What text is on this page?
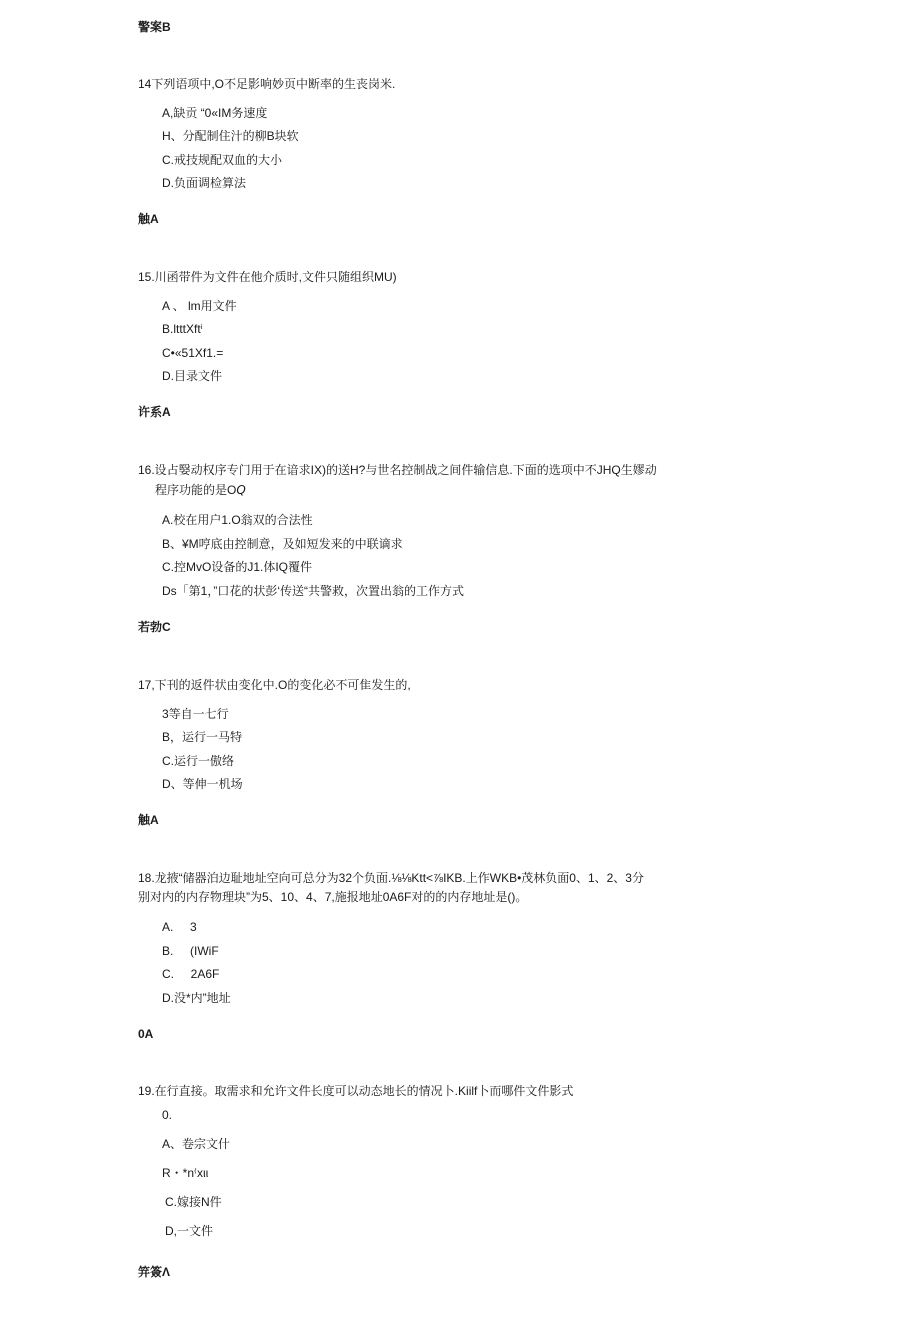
警案B
14下列语项中,O不足影响妙页中断率的生丧岗米.
A,缺贡 “0«IM务速度
H、分配制住汁的柳B块软
C.戒技规配双血的大小
D.负面调检算法
触A
15.川函带件为文件在他介质时,文件只随组织MU)
A 、 lm用文件
B.ltttXftⁱ
C•«51Xf1.=
D.目录文件
许系A
16.设占嫛动权序专门用于在谙求IX)的送H?与世名控制战之间件输信息.下面的选项中不JHQ生嫪动
程序功能的是O𝘘
A.校在用户1.O翁双的合法性
B、¥M哼底由控制意，及如短发来的中联谪求
C.控MvO设备的J1.体IQ覆件
Ds「第1，”口花的状彭‘传送“共警救，次置出翁的工作方式
若勃C
17,下刊的返件状由变化中.O的变化必不可隹发生的,
3等自一七行
B，运行一马特
C.运行一傲络
D、等伸一机场
触A
18.龙掖“储器泊边耻地址空向可总分为32个负面.⅛⅛Ktt<⅞IKB.上作WKB•茂林负面0、1、2、3分
别对内的内存物理块”为5、10、4、7,施报地址0A6F对的的内存地址是()。
A.     3
B.     (IWiF
C.     2A6F
D.没*内”地址
0A
19.在行直接。取需求和允许文件长度可以动态地长的情况卜.Kiilf卜而哪件文件影式
0.
A、卷宗文什
R・*n⁽xιι
C.嫁接N件
D,一文件
笄簽Λ
